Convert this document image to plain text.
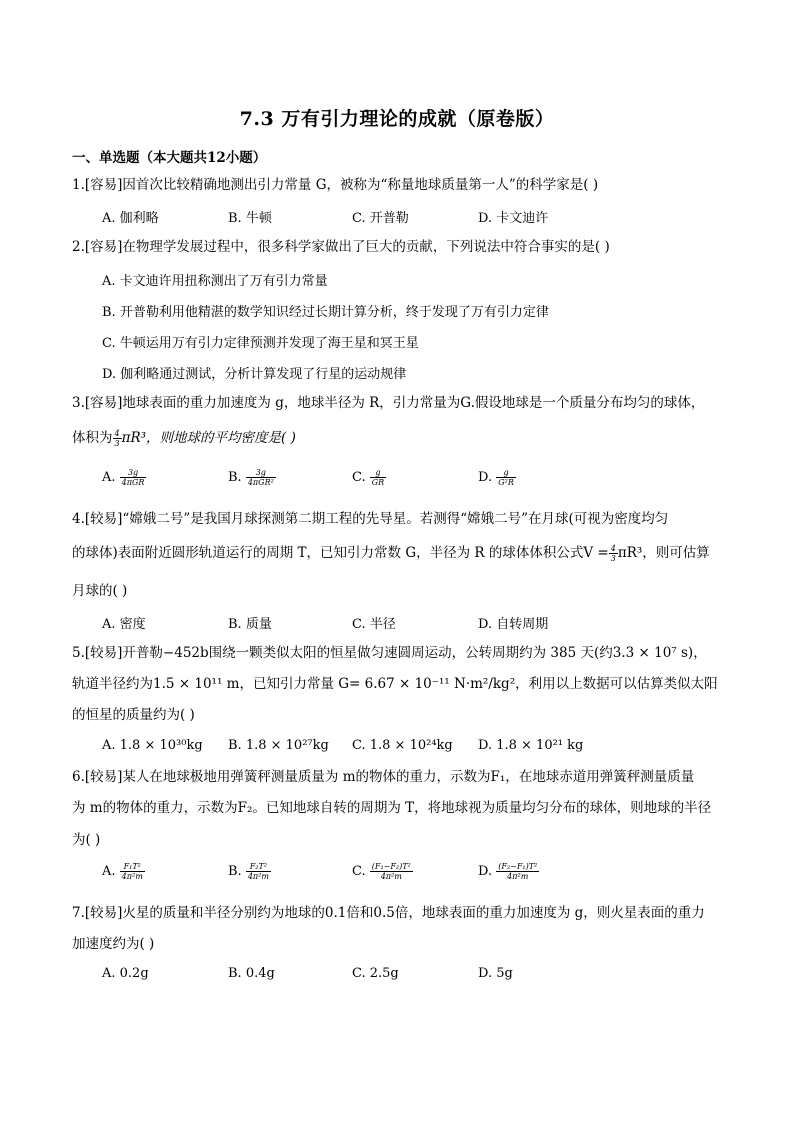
7.3 万有引力理论的成就（原卷版）
一、单选题（本大题共12小题）
1.[容易]因首次比较精确地测出引力常量 G，被称为“称量地球质量第一人”的科学家是( )
A. 伽利略	B. 牛顿	C. 开普勒	D. 卡文迪许
2.[容易]在物理学发展过程中，很多科学家做出了巨大的贡献，下列说法中符合事实的是( )
A. 卡文迪许用扭称测出了万有引力常量
B. 开普勒利用他精湛的数学知识经过长期计算分析，终于发现了万有引力定律
C. 牛顿运用万有引力定律预测并发现了海王星和冥王星
D. 伽利略通过测试，分析计算发现了行星的运动规律
3.[容易]地球表面的重力加速度为 g，地球半径为 R，引力常量为G.假设地球是一个质量分布均匀的球体，
体积为 $\frac{4}{3} \pi R^3$，则地球的平均密度是( )
A. $\frac{3g}{\text{4πGR}}$	B. $\frac{3g}{\text{4πGR²}}$	C. $\frac{g}{GR}$	D. $\frac{g}{\text{G²R}}$
4.[较易]“嫦娥二号”是我国月球探测第二期工程的先导星。若测得“嫦娥二号”在月球(可视为密度均匀
的球体)表面附近圆形轨道运行的周期 T，已知引力常数 G，半径为 R 的球体体积公式$V = \frac{4}{3} \pi R^3$，则可估算
月球的( )
A. 密度	B. 质量	C. 半径	D. 自转周期
5.[较易]开普勒−452b围绕一颗类似太阳的恒星做匀速圆周运动，公转周期约为 385 天(约3.3 × 10⁷ s)，
轨道半径约为1.5 × 10¹¹ m，已知引力常量 G= 6.67 × 10⁻¹¹ N·m²/kg²，利用以上数据可以估算类似太阳
的恒星的质量约为( )
A. 1.8 × 10³⁰kg B. 1.8 × 10²⁷kg C. 1.8 × 10²⁴kg D. 1.8 × 10²¹ kg
6.[较易]某人在地球极地用弹簧秤测量质量为 m的物体的重力，示数为F₁，在地球赤道用弹簧秤测量质量
为 m的物体的重力，示数为F₂。已知地球自转的周期为 T，将地球视为质量均匀分布的球体，则地球的半径
为( )
A. $\frac{\text{F₁T²}}{\text{4π²m}}$	B. $\frac{\text{F₂T²}}{\text{4π²m}}$	C. $\frac{\text{(F₁−F₂)T²}}{\text{4π²m}}$	D. $\frac{\text{(F₂−F₁)T²}}{\text{4π²m}}$
7.[较易]火星的质量和半径分别约为地球的0.1倍和0.5倍，地球表面的重力加速度为 g，则火星表面的重力
加速度约为( )
A. 0.2g	B. 0.4g	C. 2.5g	D. 5g
